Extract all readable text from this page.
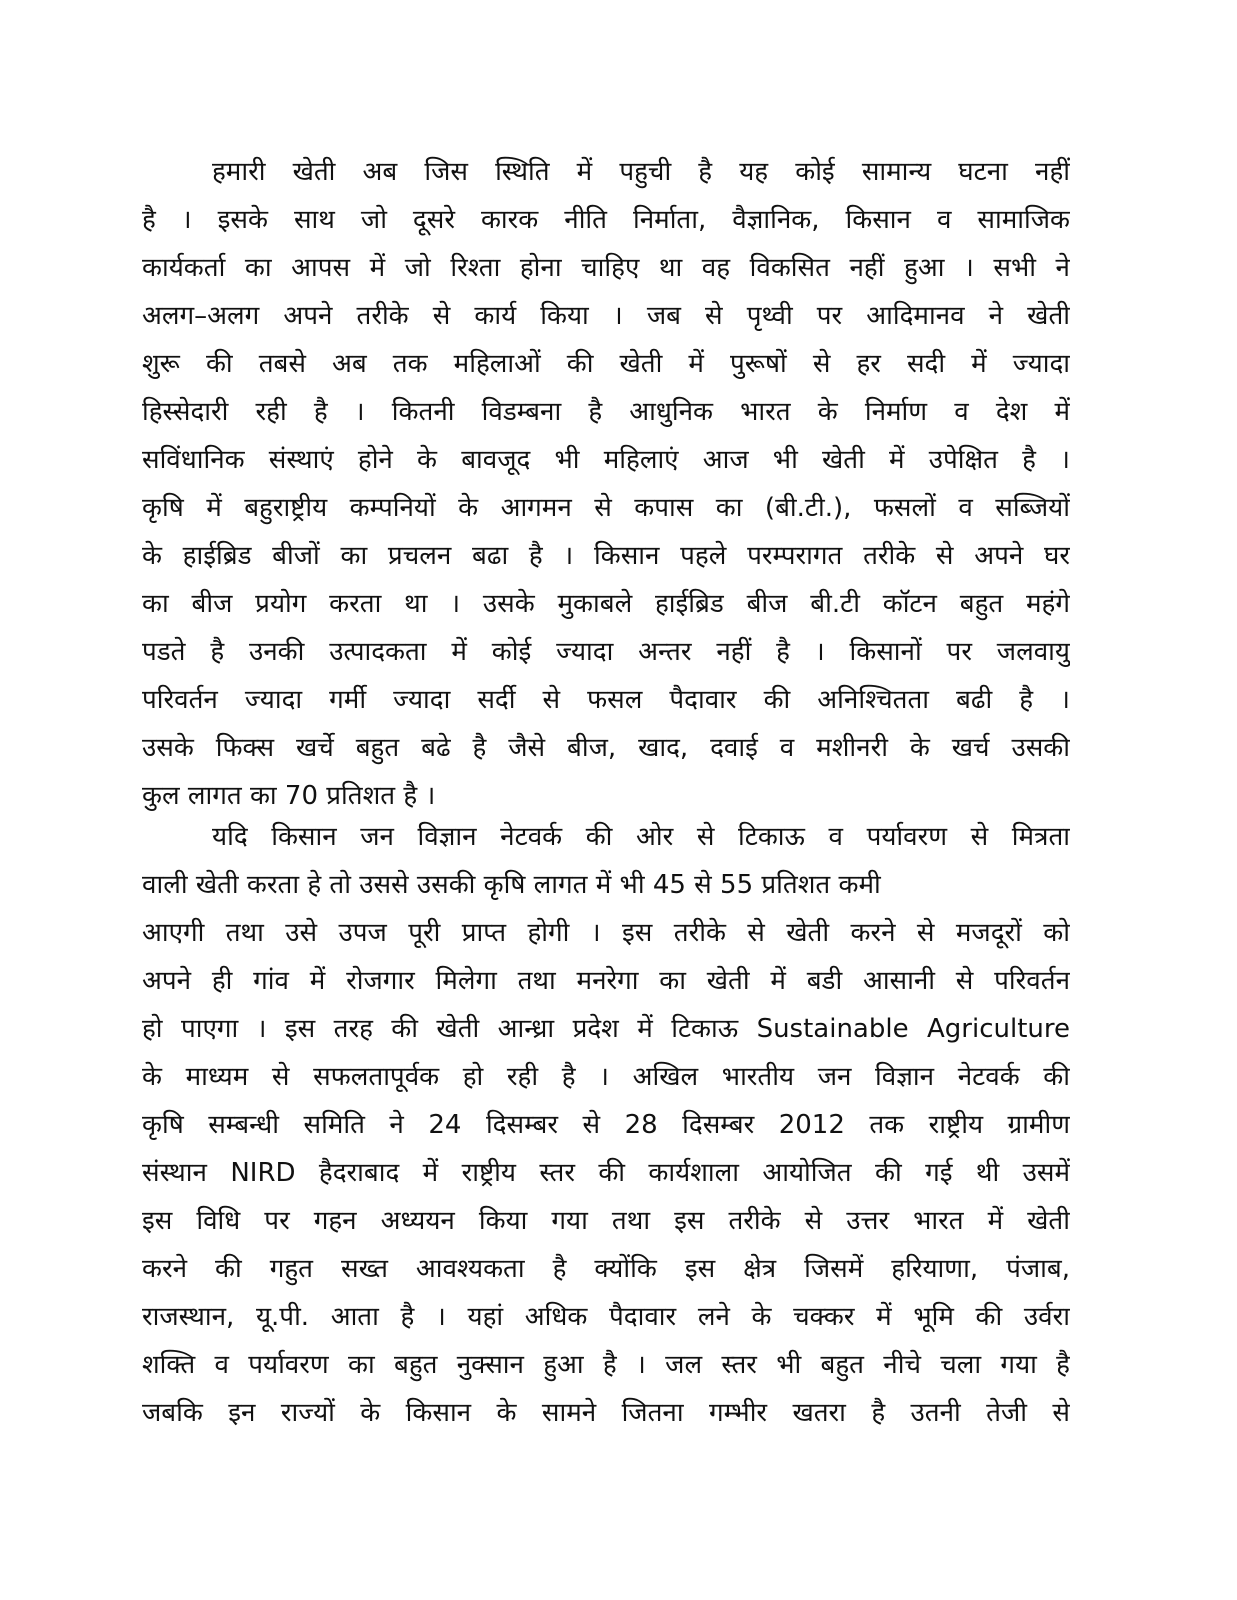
हमारी खेती अब जिस स्थिति में पहुची है यह कोई सामान्य घटना नहीं
है । इसके साथ जो दूसरे कारक नीति निर्माता, वैज्ञानिक, किसान व सामाजिक
कार्यकर्ता का आपस में जो रिश्ता होना चाहिए था वह विकसित नहीं हुआ । सभी ने
अलग–अलग अपने तरीके से कार्य किया । जब से पृथ्वी पर आदिमानव ने खेती
शुरू की तबसे अब तक महिलाओं की खेती में पुरूषों से हर सदी में ज्यादा
हिस्सेदारी रही है । कितनी विडम्बना है आधुनिक भारत के निर्माण व देश में
सविंधानिक संस्थाएं होने के बावजूद भी महिलाएं आज भी खेती में उपेक्षित है ।
कृषि में बहुराष्ट्रीय कम्पनियों के आगमन से कपास का (बी.टी.), फसलों व सब्जियों
के हाईब्रिड बीजों का प्रचलन बढा है । किसान पहले परम्परागत तरीके से अपने घर
का बीज प्रयोग करता था । उसके मुकाबले हाईब्रिड बीज बी.टी कॉटन बहुत महंगे
पडते है उनकी उत्पादकता में कोई ज्यादा अन्तर नहीं है । किसानों पर जलवायु
परिवर्तन ज्यादा गर्मी ज्यादा सर्दी से फसल पैदावार की अनिश्चितता बढी है ।
उसके फिक्स खर्चे बहुत बढे है जैसे बीज, खाद, दवाई व मशीनरी के खर्च उसकी
कुल लागत का 70 प्रतिशत है ।
यदि किसान जन विज्ञान नेटवर्क की ओर से टिकाऊ व पर्यावरण से मित्रता
वाली खेती करता हे तो उससे उसकी कृषि लागत में भी 45 से 55 प्रतिशत कमी
आएगी तथा उसे उपज पूरी प्राप्त होगी । इस तरीके से खेती करने से मजदूरों को
अपने ही गांव में रोजगार मिलेगा तथा मनरेगा का खेती में बडी आसानी से परिवर्तन
हो पाएगा । इस तरह की खेती आन्ध्रा प्रदेश में टिकाऊ Sustainable Agriculture
के माध्यम से सफलतापूर्वक हो रही है । अखिल भारतीय जन विज्ञान नेटवर्क की
कृषि सम्बन्धी समिति ने 24 दिसम्बर से 28 दिसम्बर 2012 तक राष्ट्रीय ग्रामीण
संस्थान NIRD हैदराबाद में राष्ट्रीय स्तर की कार्यशाला आयोजित की गई थी उसमें
इस विधि पर गहन अध्ययन किया गया तथा इस तरीके से उत्तर भारत में खेती
करने की गहुत सख्त आवश्यकता है क्योंकि इस क्षेत्र जिसमें हरियाणा, पंजाब,
राजस्थान, यू.पी. आता है । यहां अधिक पैदावार लने के चक्कर में भूमि की उर्वरा
शक्ति व पर्यावरण का बहुत नुक्सान हुआ है । जल स्तर भी बहुत नीचे चला गया है
जबकि इन राज्यों के किसान के सामने जितना गम्भीर खतरा है उतनी तेजी से
